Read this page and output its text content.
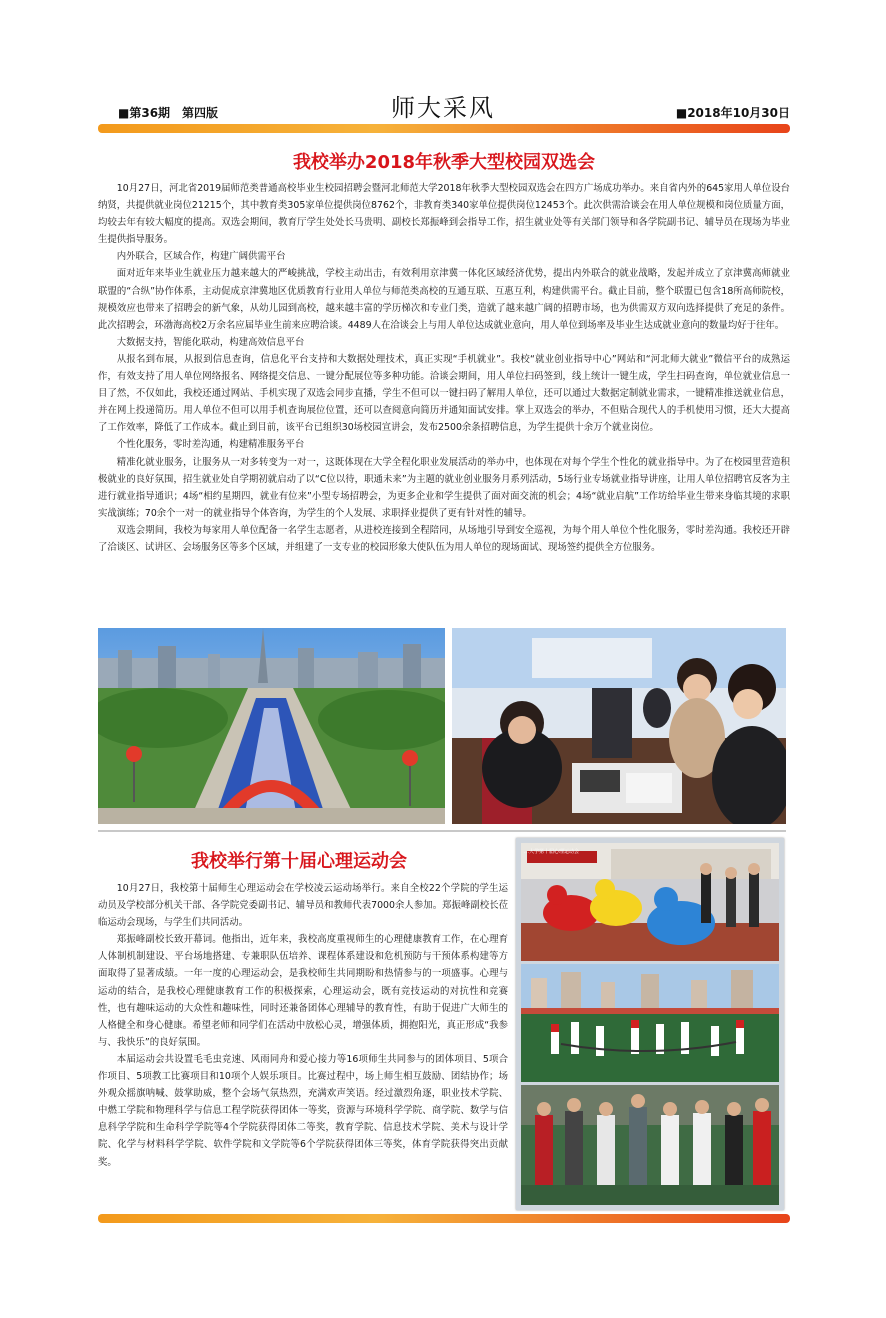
■第36期　第四版	师大采风	■2018年10月30日
我校举办2018年秋季大型校园双选会

10月27日，河北省2019届师范类普通高校毕业生校园招聘会暨河北师范大学2018年秋季大型校园双选会在四方广场成功举办。来自省内外的645家用人单位设台纳贤，共提供就业岗位21215个，其中教育类305家单位提供岗位8762个，非教育类340家单位提供岗位12453个。此次供需洽谈会在用人单位规模和岗位质量方面，均较去年有较大幅度的提高。双选会期间，教育厅学生处处长马贵明、副校长郑振峰到会指导工作，招生就业处等有关部门领导和各学院副书记、辅导员在现场为毕业生提供指导服务。

内外联合，区域合作，构建广阔供需平台

面对近年来毕业生就业压力越来越大的严峻挑战，学校主动出击，有效利用京津冀一体化区域经济优势，提出内外联合的就业战略，发起并成立了京津冀高师就业联盟的“合纵”协作体系，主动促成京津冀地区优质教育行业用人单位与师范类高校的互通互联、互惠互利，构建供需平台。截止目前，整个联盟已包含18所高师院校，规模效应也带来了招聘会的新气象，从幼儿园到高校，越来越丰富的学历梯次和专业门类，造就了越来越广阔的招聘市场，也为供需双方双向选择提供了充足的条件。此次招聘会，环渤海高校2万余名应届毕业生前来应聘洽谈。4489人在洽谈会上与用人单位达成就业意向，用人单位到场率及毕业生达成就业意向的数量均好于往年。

大数据支持，智能化联动，构建高效信息平台

从报名到布展，从报到信息查询，信息化平台支持和大数据处理技术，真正实现“手机就业”。我校“就业创业指导中心”网站和“河北师大就业”微信平台的成熟运作，有效支持了用人单位网络报名、网络提交信息、一键分配展位等多种功能。洽谈会期间，用人单位扫码签到，线上统计一键生成，学生扫码查询，单位就业信息一目了然，不仅如此，我校还通过网站、手机实现了双选会同步直播，学生不但可以一键扫码了解用人单位，还可以通过大数据定制就业需求，一键精准推送就业信息，并在网上投递简历。用人单位不但可以用手机查询展位位置，还可以查阅意向简历并通知面试安排。掌上双选会的举办，不但贴合现代人的手机使用习惯，还大大提高了工作效率，降低了工作成本。截止到目前，该平台已组织30场校园宣讲会，发布2500余条招聘信息，为学生提供十余万个就业岗位。

个性化服务，零时差沟通，构建精准服务平台

精准化就业服务，让服务从一对多转变为一对一，这既体现在大学全程化职业发展活动的举办中，也体现在对每个学生个性化的就业指导中。为了在校园里营造积极就业的良好氛围，招生就业处自学期初就启动了以“C位以待，职通未来”为主题的就业创业服务月系列活动，5场行业专场就业指导讲座，让用人单位招聘官反客为主进行就业指导通识；4场“相约星期四，就业有位来”小型专场招聘会，为更多企业和学生提供了面对面交流的机会；4场“就业启航”工作坊给毕业生带来身临其境的求职实战演练；70余个一对一的就业指导个体咨询，为学生的个人发展、求职择业提供了更有针对性的辅导。

双选会期间，我校为每家用人单位配备一名学生志愿者，从进校连接到全程陪同，从场地引导到安全巡视，为每个用人单位个性化服务，零时差沟通。我校还开辟了洽谈区、试讲区、会场服务区等多个区域，并组建了一支专业的校园形象大使队伍为用人单位的现场面试、现场签约提供全方位服务。

我校举行第十届心理运动会

10月27日，我校第十届师生心理运动会在学校凌云运动场举行。来自全校22个学院的学生运动员及学校部分机关干部、各学院党委副书记、辅导员和教师代表7000余人参加。郑振峰副校长莅临运动会现场，与学生们共同活动。

郑振峰副校长致开幕词。他指出，近年来，我校高度重视师生的心理健康教育工作，在心理育人体制机制建设、平台场地搭建、专兼职队伍培养、课程体系建设和危机预防与干预体系构建等方面取得了显著成绩。一年一度的心理运动会，是我校师生共同期盼和热情参与的一项盛事。心理与运动的结合，是我校心理健康教育工作的积极探索，心理运动会，既有竞技运动的对抗性和竞赛性，也有趣味运动的大众性和趣味性，同时还兼备团体心理辅导的教育性，有助于促进广大师生的人格健全和身心健康。希望老师和同学们在活动中放松心灵，增强体质，拥抱阳光，真正形成“我参与、我快乐”的良好氛围。

本届运动会共设置毛毛虫竞速、风雨同舟和爱心接力等16项师生共同参与的团体项目、5项合作项目、5项教工比赛项目和10项个人娱乐项目。比赛过程中，场上师生相互鼓励、团结协作；场外观众摇旗呐喊、鼓掌助威，整个会场气氛热烈，充满欢声笑语。经过激烈角逐，职业技术学院、中燃工学院和物理科学与信息工程学院获得团体一等奖，资源与环境科学学院、商学院、数学与信息科学学院和生命科学学院等4个学院获得团体二等奖，教育学院、信息技术学院、美术与设计学院、化学与材料科学学院、软件学院和文学院等6个学院获得团体三等奖，体育学院获得突出贡献奖。

…大学第十届心理运动会
